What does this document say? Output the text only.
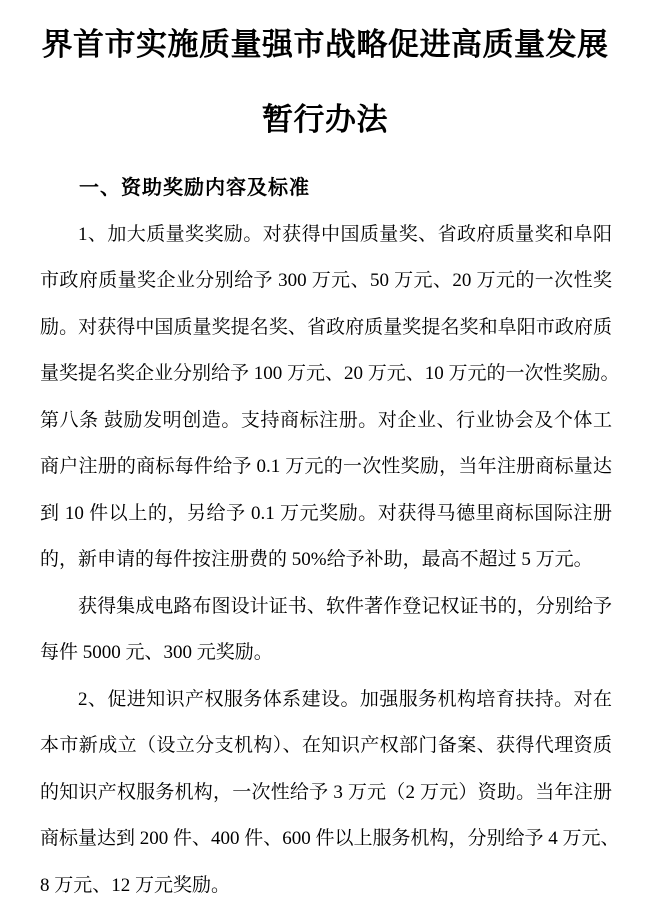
界首市实施质量强市战略促进高质量发展
暂行办法
一、资助奖励内容及标准
1、加大质量奖奖励。对获得中国质量奖、省政府质量奖和阜阳
市政府质量奖企业分别给予 300 万元、50 万元、20 万元的一次性奖
励。对获得中国质量奖提名奖、省政府质量奖提名奖和阜阳市政府质
量奖提名奖企业分别给予 100 万元、20 万元、10 万元的一次性奖励。
第八条 鼓励发明创造。支持商标注册。对企业、行业协会及个体工
商户注册的商标每件给予 0.1 万元的一次性奖励，当年注册商标量达
到 10 件以上的，另给予 0.1 万元奖励。对获得马德里商标国际注册
的，新申请的每件按注册费的 50%给予补助，最高不超过 5 万元。
获得集成电路布图设计证书、软件著作登记权证书的，分别给予
每件 5000 元、300 元奖励。
2、促进知识产权服务体系建设。加强服务机构培育扶持。对在
本市新成立（设立分支机构）、在知识产权部门备案、获得代理资质
的知识产权服务机构，一次性给予 3 万元（2 万元）资助。当年注册
商标量达到 200 件、400 件、600 件以上服务机构，分别给予 4 万元、
8 万元、12 万元奖励。
